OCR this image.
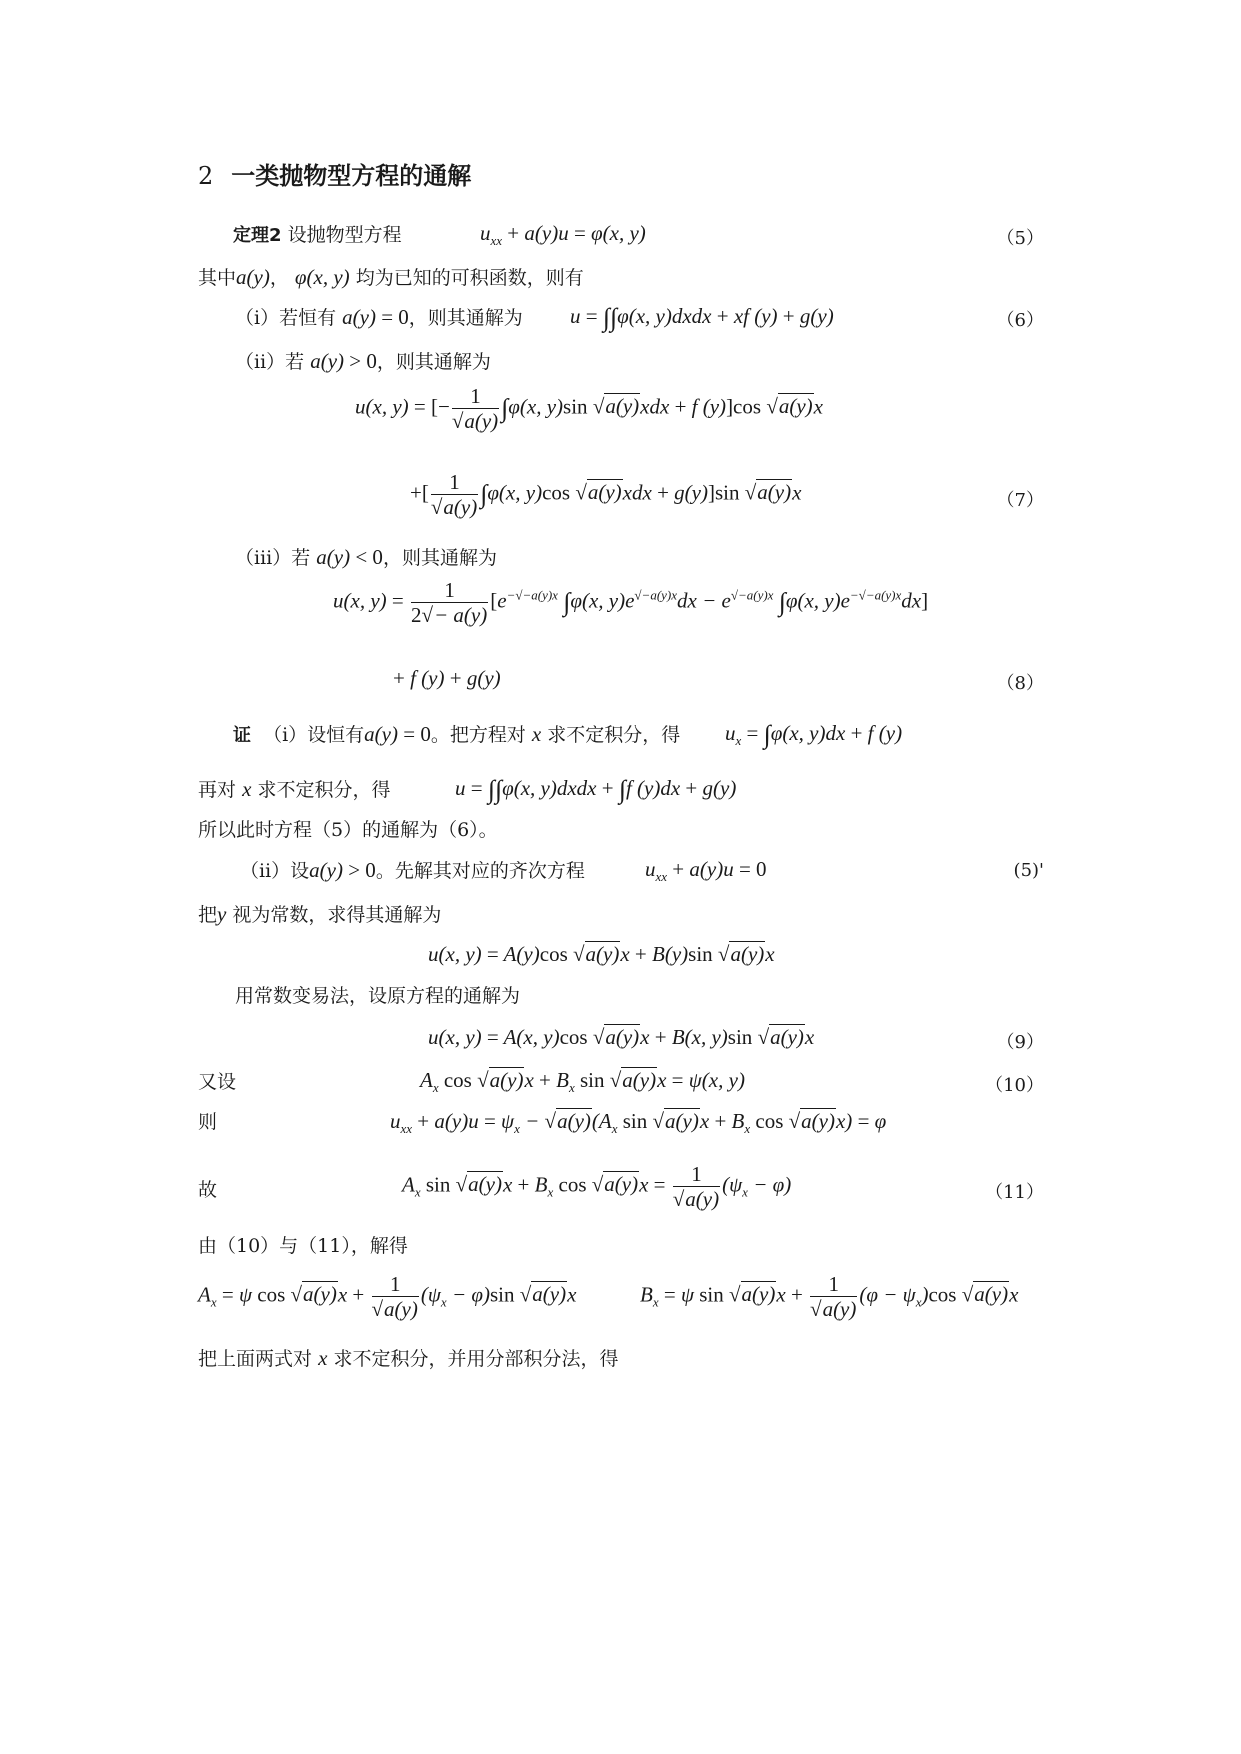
2 一类抛物型方程的通解
定理2 设抛物型方程	$u_{xx} + a(y)u = \varphi(x$, y)	（5）
其中a(y)， φ(x, y) 均为已知的可积函数，则有
（ⅰ）若恒有 a(y) = 0，则其通解为 u = ∫∫φ(x, y)dxdx + xf (y) + g(y)	（6）
（ⅱ）若 a(y) > 0，则其通解为
u(x, y) = [− $\frac{1}{√a(y)} \int\varphi(x$, y)sin √a(y)xdx + f (y)]cos √a(y)x
+[ $\frac{1}{√a(y)} \int\varphi(x$, y)cos √a(y)xdx + g(y)]sin √a(y)x	（7）
（ⅲ）若 a(y) < 0，则其通解为
u(x, $y) = \frac{1}{2√- a(y)} [e^{-√-a(y)x}$ ∫φ(x, $y)e^{√-a(y)x}dx - e^{√-a(y)x}$ ∫φ(x, $y)e^{-√-a(y)x}dx$]
+ f (y) + g(y)	（8）
证 （ⅰ）设恒有a(y) = 0。把方程对 x 求不定积分，得 $u_x = \int\varphi(x$, y)dx + f (y)
再对 x 求不定积分，得	u = ∫∫φ(x, y)dxdx + ∫f (y)dx + g(y)
所以此时方程（5）的通解为（6）。
（ⅱ）设a(y) > 0。先解其对应的齐次方程	$u_{xx} + a(y)u = 0$	(5)'
把y 视为常数，求得其通解为
u(x, y) = A(y)cos √a(y)x + B(y)sin √a(y)x
用常数变易法，设原方程的通解为
u(x, y) = A(x, y)cos √a(y)x + B(x, y)sin √a(y)x	（9）
又设	$A_x$ $\cos √a(y)x + B_x$ sin √a(y)x = ψ(x, y)	（10）
则	$u_{xx} + a(y)u = \psi_x - √a(y)(A_x$ $\sin √a(y)x + B_x$ cos √a(y)x) = φ
故	$A_x$ $\sin √a(y)x + B_x$ $\cos √a(y)x = \frac{1}{√a(y)} (\psi_x - \varphi)$	（11）
由（10）与（11），解得
$A_x = \psi$ $\cos √a(y)x + \frac{1}{√a(y)} (\psi_x - \varphi)\sin$ √a(y)x	$B_x = \psi$ $\sin √a(y)x + \frac{1}{√a(y)} (\varphi - \psi_x)\cos$ √a(y)x
把上面两式对 x 求不定积分，并用分部积分法，得
